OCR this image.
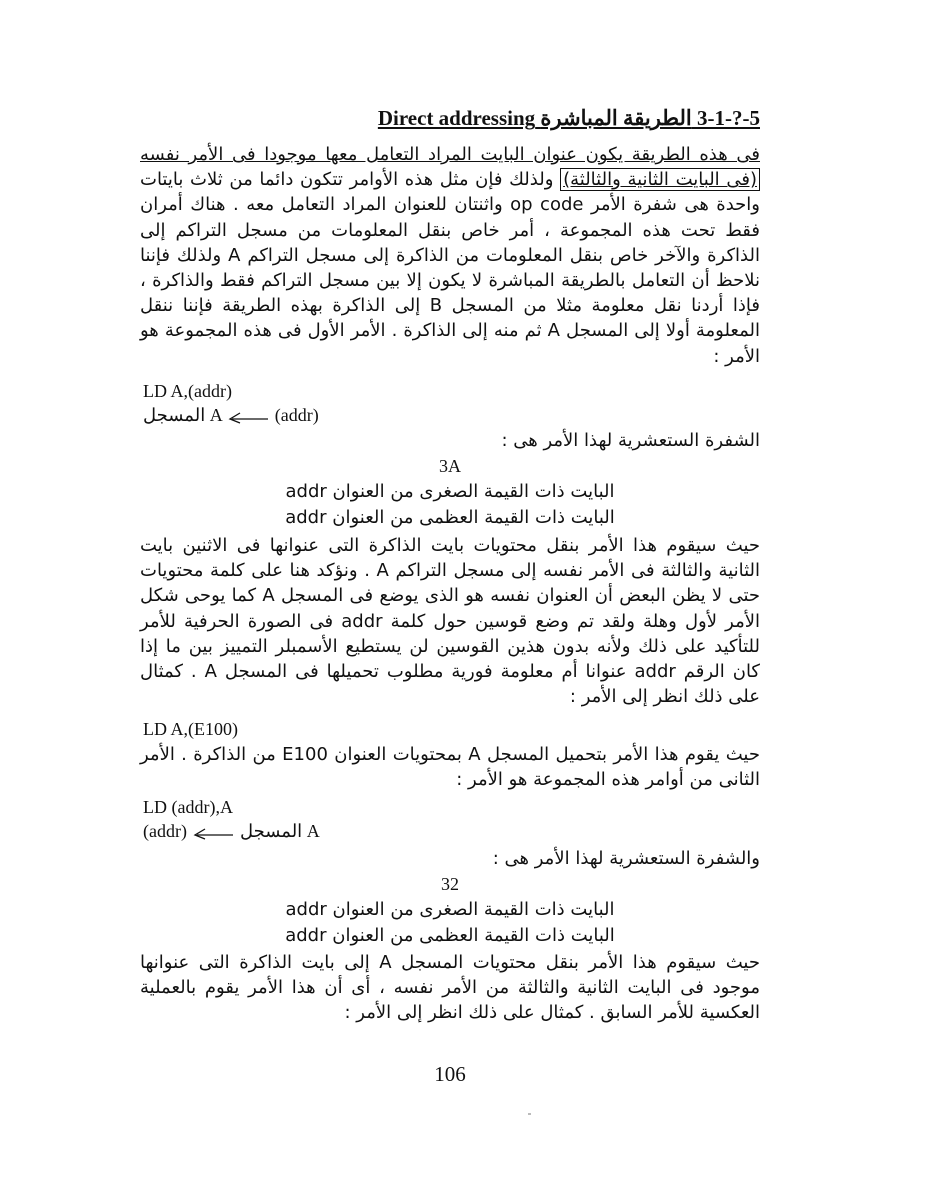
5-?-3-1 الطريقة المباشرة Direct addressing
فى هذه الطريقة يكون عنوان البايت المراد التعامل معها موجودا فى الأمر نفسه (فى البايت الثانية والثالثة) ولذلك فإن مثل هذه الأوامر تتكون دائما من ثلاث بايتات واحدة هى شفرة الأمر op code واثنتان للعنوان المراد التعامل معه . هناك أمران فقط تحت هذه المجموعة ، أمر خاص بنقل المعلومات من مسجل التراكم إلى الذاكرة والآخر خاص بنقل المعلومات من الذاكرة إلى مسجل التراكم A ولذلك فإننا نلاحظ أن التعامل بالطريقة المباشرة لا يكون إلا بين مسجل التراكم فقط والذاكرة ، فإذا أردنا نقل معلومة مثلا من المسجل B إلى الذاكرة بهذه الطريقة فإننا ننقل المعلومة أولا إلى المسجل A ثم منه إلى الذاكرة . الأمر الأول فى هذه المجموعة هو الأمر :
LD A,(addr)
المسجل A	(addr)
الشفرة الستعشرية لهذا الأمر هى :
3A
البايت ذات القيمة الصغرى من العنوان addr
البايت ذات القيمة العظمى من العنوان addr
حيث سيقوم هذا الأمر بنقل محتويات بايت الذاكرة التى عنوانها فى الاثنين بايت الثانية والثالثة فى الأمر نفسه إلى مسجل التراكم A . ونؤكد هنا على كلمة محتويات حتى لا يظن البعض أن العنوان نفسه هو الذى يوضع فى المسجل A كما يوحى شكل الأمر لأول وهلة ولقد تم وضع قوسين حول كلمة addr فى الصورة الحرفية للأمر للتأكيد على ذلك ولأنه بدون هذين القوسين لن يستطيع الأسمبلر التمييز بين ما إذا كان الرقم addr عنوانا أم معلومة فورية مطلوب تحميلها فى المسجل A . كمثال على ذلك انظر إلى الأمر :
LD A,(E100)
حيث يقوم هذا الأمر بتحميل المسجل A بمحتويات العنوان E100 من الذاكرة . الأمر الثانى من أوامر هذه المجموعة هو الأمر :
LD (addr),A
(addr)	المسجل A
والشفرة الستعشرية لهذا الأمر هى :
32
البايت ذات القيمة الصغرى من العنوان addr
البايت ذات القيمة العظمى من العنوان addr
حيث سيقوم هذا الأمر بنقل محتويات المسجل A إلى بايت الذاكرة التى عنوانها موجود فى البايت الثانية والثالثة من الأمر نفسه ، أى أن هذا الأمر يقوم بالعملية العكسية للأمر السابق . كمثال على ذلك انظر إلى الأمر :
106
